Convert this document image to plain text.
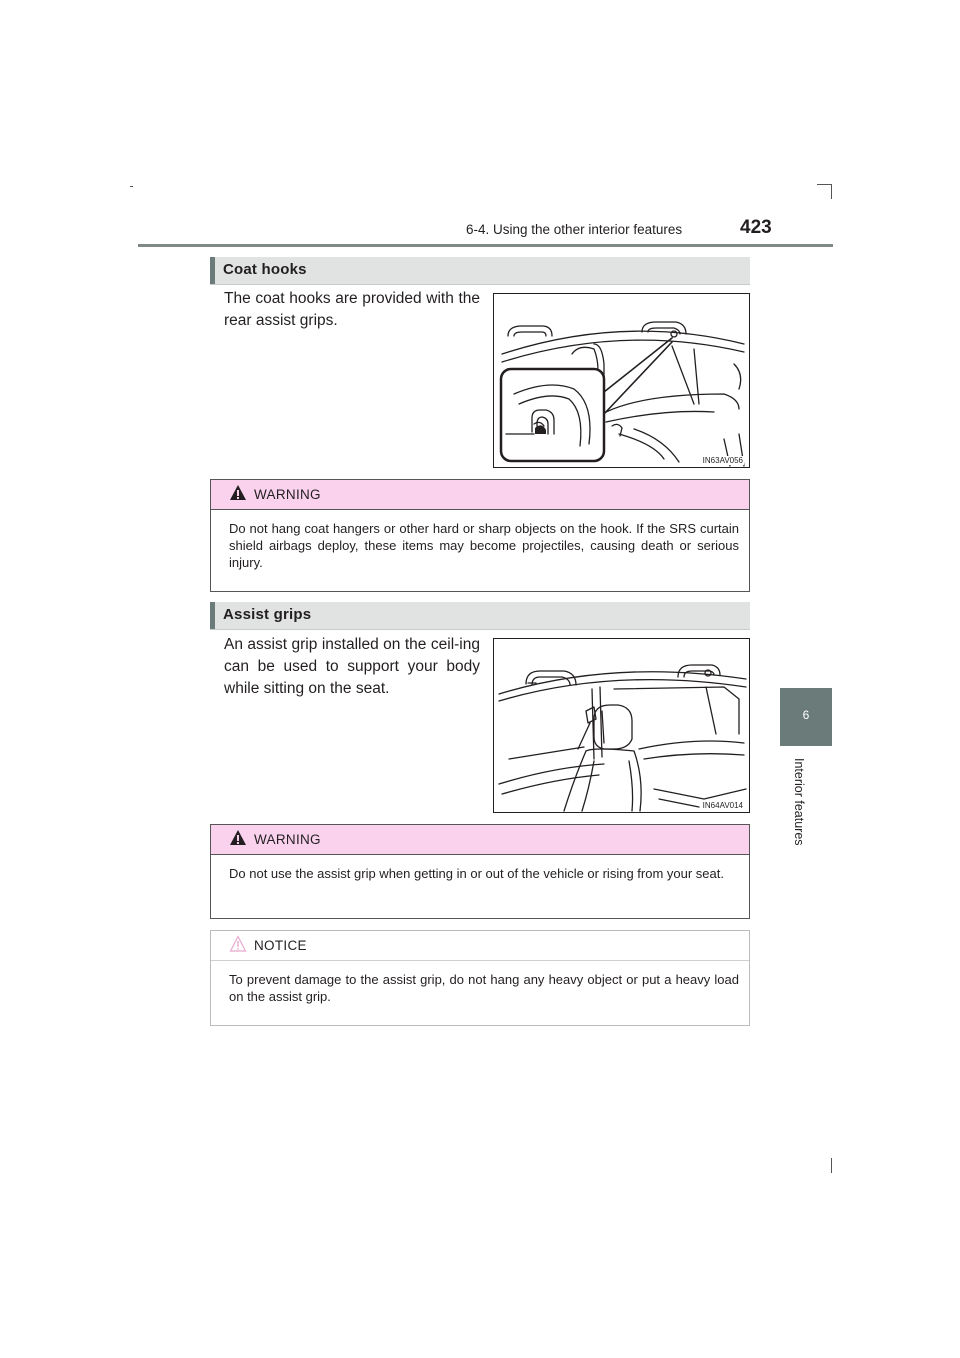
6-4. Using the other interior features	423
6
Interior features
Coat hooks
The coat hooks are provided with the rear assist grips.
IN63AV056
WARNING
Do not hang coat hangers or other hard or sharp objects on the hook. If the SRS curtain shield airbags deploy, these items may become projectiles, causing death or serious injury.
Assist grips
An assist grip installed on the ceil-ing can be used to support your body while sitting on the seat.
IN64AV014
WARNING
Do not use the assist grip when getting in or out of the vehicle or rising from your seat.
NOTICE
To prevent damage to the assist grip, do not hang any heavy object or put a heavy load on the assist grip.
